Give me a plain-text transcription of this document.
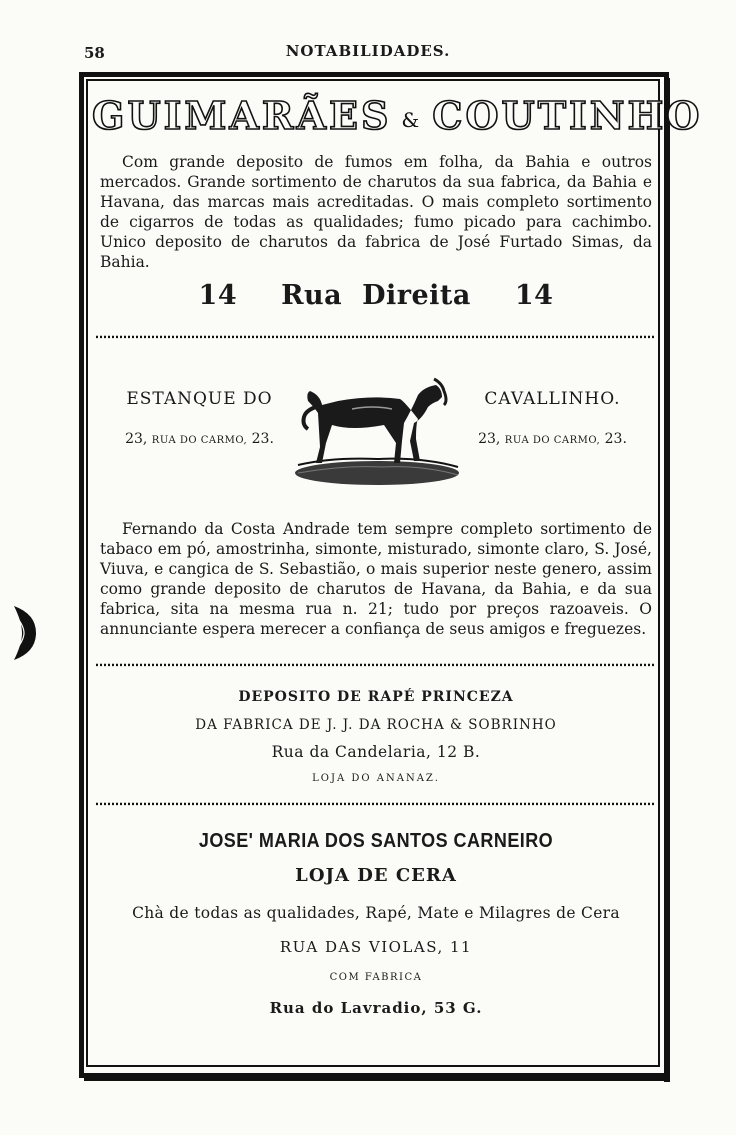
58	NOTABILIDADES.
GUIMARÃES & COUTINHO

Com grande deposito de fumos em folha, da Bahia e outros mercados. Grande sortimento de charutos da sua fabrica, da Bahia e Havana, das marcas mais acreditadas. O mais completo sortimento de cigarros de todas as qualidades; fumo picado para cachimbo. Unico deposito de charutos da fabrica de José Furtado Simas, da Bahia.

14 Rua Direita 14
ESTANQUE DO
23, RUA DO CARMO, 23.
CAVALLINHO.
23, RUA DO CARMO, 23.

Fernando da Costa Andrade tem sempre completo sortimento de tabaco em pó, amostrinha, simonte, misturado, simonte claro, S. José, Viuva, e cangica de S. Sebastião, o mais superior neste genero, assim como grande deposito de charutos de Havana, da Bahia, e da sua fabrica, sita na mesma rua n. 21; tudo por preços razoaveis. O annunciante espera merecer a confiança de seus amigos e freguezes.

DEPOSITO DE RAPÉ PRINCEZA
DA FABRICA DE J. J. DA ROCHA & SOBRINHO
Rua da Candelaria, 12 B.
LOJA DO ANANAZ.
JOSE' MARIA DOS SANTOS CARNEIRO
LOJA DE CERA
Chà de todas as qualidades, Rapé, Mate e Milagres de Cera
RUA DAS VIOLAS, 11
COM FABRICA
Rua do Lavradio, 53 G.
